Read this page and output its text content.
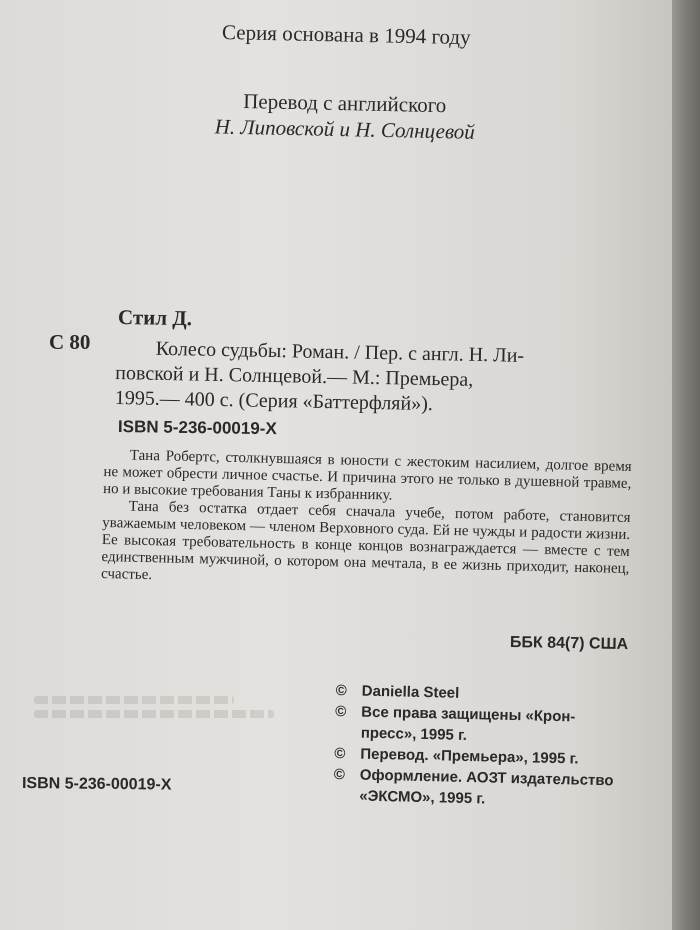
Серия основана в 1994 году

Перевод с английского
Н. Липовской и Н. Солнцевой

Стил Д.

С 80	Колесо судьбы: Роман. / Пер. с англ. Н. Ли-

повской и Н. Солнцевой.— М.: Премьера,

1995.— 400 с. (Серия «Баттерфляй»).

ISBN 5-236-00019-X

Тана Робертс, столкнувшаяся в юности с жестоким насилием, долгое время не может обрести личное счастье. И причина этого не только в душевной травме, но и высокие требования Таны к избраннику.

Тана без остатка отдает себя сначала учебе, потом работе, становится уважаемым человеком — членом Верховного суда. Ей не чужды и радости жизни. Ее высокая требовательность в конце концов вознаграждается — вместе с тем единственным мужчиной, о котором она мечтала, в ее жизнь приходит, наконец, счастье.

ББК 84(7) США

© Daniella Steel
© Все права защищены «Крон-
пресс», 1995 г.
© Перевод. «Премьера», 1995 г.
© Оформление. АОЗТ издательство
«ЭКСМО», 1995 г.

ISBN 5-236-00019-X
